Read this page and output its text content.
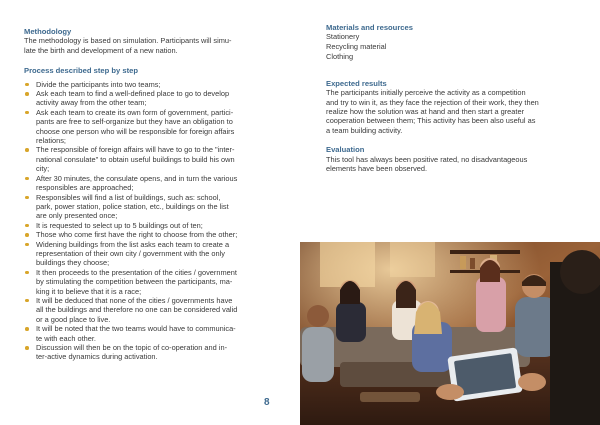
Methodology

The methodology is based on simulation. Participants will simu-

late the birth and development of a new nation.

Process described step by step

Divide the participants into two teams;
Ask each team to find a well-defined place to go to develop
activity away from the other team;
Ask each team to create its own form of government, partici-
pants are free to self-organize but they have an obligation to
choose one person who will be responsible for foreign affairs
relations;
The responsible of foreign affairs will have to go to the "inter-
national consulate" to obtain useful buildings to build his own
city;
After 30 minutes, the consulate opens, and in turn the various
responsibles are approached;
Responsibles will find a list of buildings, such as: school,
park, power station, police station, etc., buildings on the list
are only presented once;
It is requested to select up to 5 buildings out of ten;
Those who come first have the right to choose from the other;
Widening buildings from the list asks each team to create a
representation of their own city / government with the only
buildings they choose;
It then proceeds to the presentation of the cities / government
by stimulating the competition between the participants, ma-
king it to believe that it is a race;
It will be deduced that none of the cities / governments have
all the buildings and therefore no one can be considered valid
or a good place to live.
It will be noted that the two teams would have to communica-
te with each other.
Discussion will then be on the topic of co-operation and in-
ter-active dynamics during activation.
8

Materials and resources

Stationery

Recycling material

Clothing

Expected results

The participants initially perceive the activity as a competition

and try to win it, as they face the rejection of their work, they then

realize how the solution was at hand and then start a greater

cooperation between them; This activity has been also useful as

a team building activity.

Evaluation

This tool has always been positive rated, no disadvantageous

elements have been observed.
